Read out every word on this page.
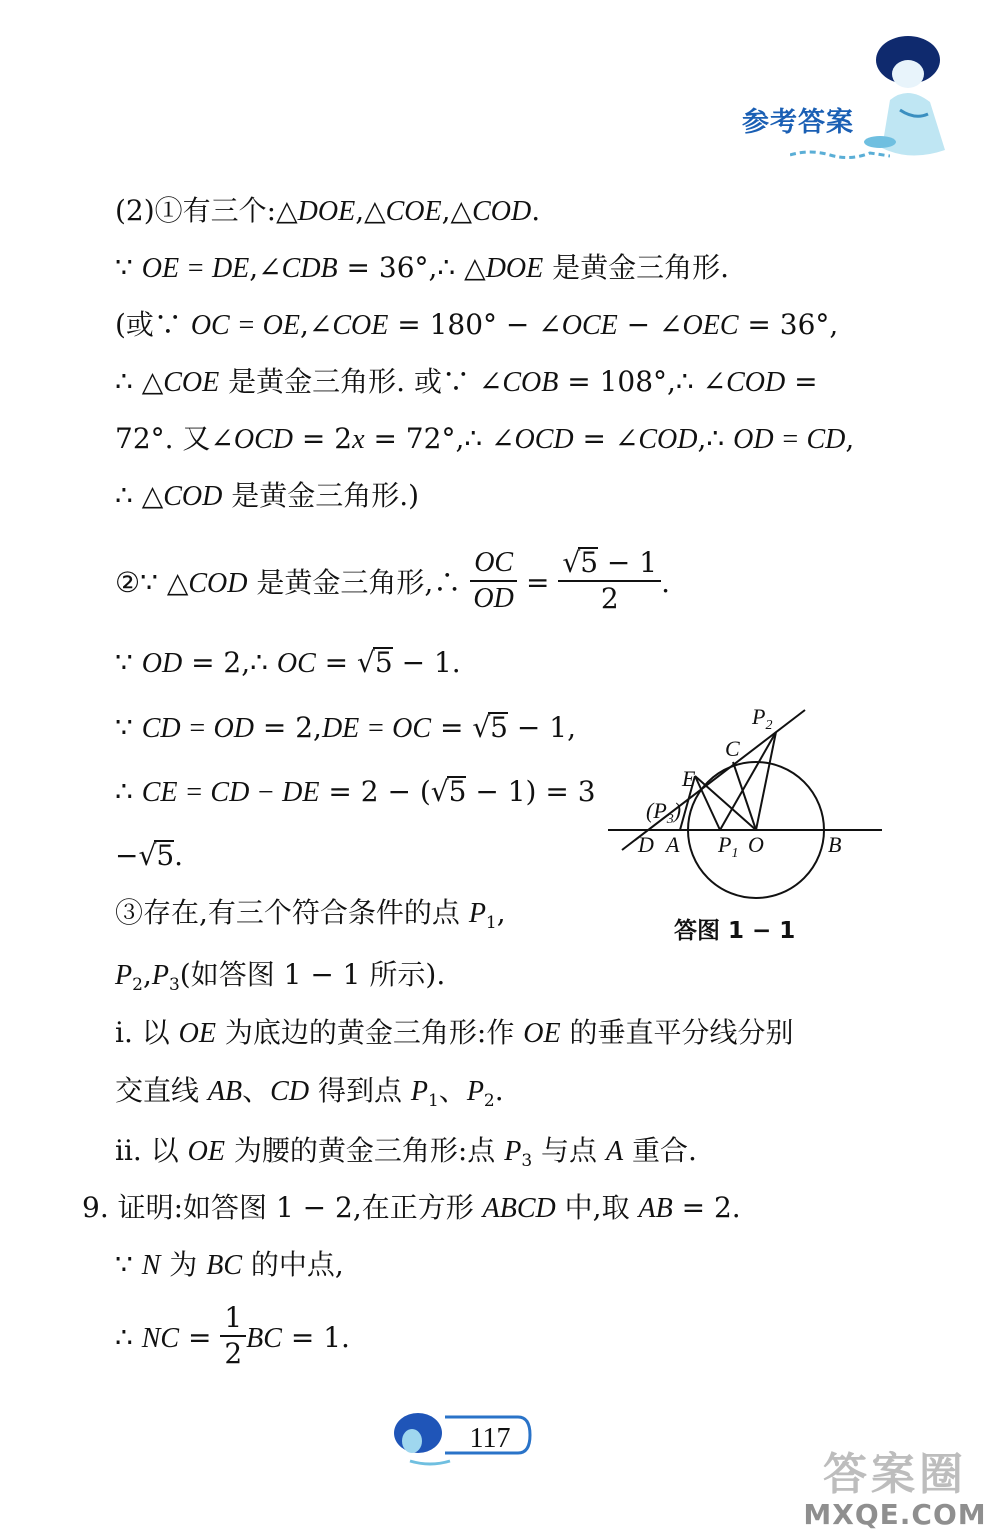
参考答案
(2)①有三个:△DOE,△COE,△COD.
∵ OE = DE,∠CDB = 36°,∴ △DOE 是黄金三角形.
(或∵ OC = OE,∠COE = 180° − ∠OCE − ∠OEC = 36°,
∴ △COE 是黄金三角形. 或∵ ∠COB = 108°,∴ ∠COD =
72°. 又∠OCD = 2x = 72°,∴ ∠OCD = ∠COD,∴ OD = CD,
∴ △COD 是黄金三角形.)
②∵ △COD 是黄金三角形,∴ $\frac{OC}{OD} = \frac{√5 - 1}{2}$ .
∵ OD = 2,∴ OC = √5 − 1.
∵ CD = OD = 2,DE = OC = √5 − 1,
∴ CE = CD − DE = 2 − (√5 − 1) = 3
−√5.
③存在,有三个符合条件的点 $P_1$,
$P_2,P_3$(如答图 1 − 1 所示).
ⅰ. 以 OE 为底边的黄金三角形:作 OE 的垂直平分线分别
交直线 AB、CD 得到点 $P_1$、$P_2$.
ⅱ. 以 OE 为腰的黄金三角形:点 $P_3$ 与点 A 重合.
9. 证明:如答图 1 − 2,在正方形 ABCD 中,取 AB = 2.
∵ N 为 BC 的中点,
∴ NC = $\frac{1}{2}$ BC = 1.
$P_2$
C
E
$(P_3)$
D A $P_1$ O	B
答图 1 − 1
117
答案圈
MXQE.COM
